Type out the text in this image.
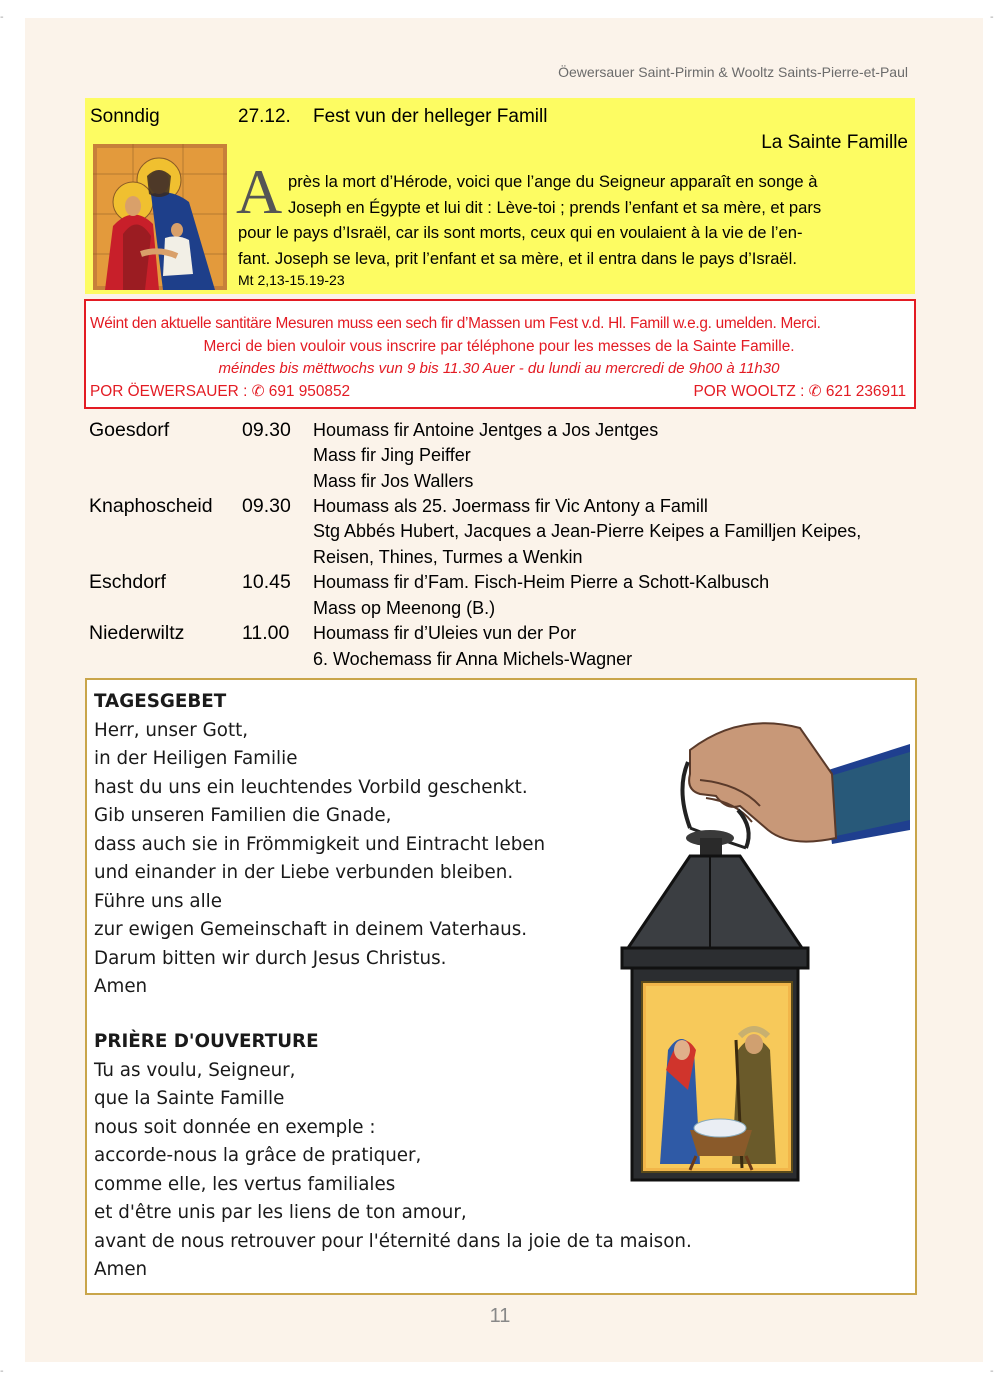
-	-
-	-
Öewersauer Saint-Pirmin & Wooltz Saints-Pierre-et-Paul
Sonndig	27.12. Fest vun der helleger Famill
La Sainte Famille
A près la mort d’Hérode, voici que l’ange du Seigneur apparaît en songe à
Joseph en Égypte et lui dit : Lève-toi ; prends l’enfant et sa mère, et pars
pour le pays d’Israël, car ils sont morts, ceux qui en voulaient à la vie de l’en-
fant. Joseph se leva, prit l’enfant et sa mère, et il entra dans le pays d’Israël.
Mt 2,13-15.19-23
Wéint den aktuelle santitäre Mesuren muss een sech fir d’Massen um Fest v.d. Hl. Famill w.e.g. umelden. Merci.
Merci de bien vouloir vous inscrire par téléphone pour les messes de la Sainte Famille.
méindes bis mëttwochs vun 9 bis 11.30 Auer - du lundi au mercredi de 9h00 à 11h30
POR ÖEWERSAUER : ✆ 691 950852	POR WOOLTZ : ✆ 621 236911
Goesdorf	09.30 Houmass fir Antoine Jentges a Jos Jentges
Mass fir Jing Peiffer
Mass fir Jos Wallers
Knaphoscheid 09.30 Houmass als 25. Joermass fir Vic Antony a Famill
Stg Abbés Hubert, Jacques a Jean-Pierre Keipes a Familljen Keipes,
Reisen, Thines, Turmes a Wenkin
Eschdorf	10.45 Houmass fir d’Fam. Fisch-Heim Pierre a Schott-Kalbusch
Mass op Meenong (B.)
Niederwiltz	11.00 Houmass fir d’Uleies vun der Por
6. Wochemass fir Anna Michels-Wagner
TAGESGEBET
Herr, unser Gott,
in der Heiligen Familie
hast du uns ein leuchtendes Vorbild geschenkt.
Gib unseren Familien die Gnade,
dass auch sie in Frömmigkeit und Eintracht leben
und einander in der Liebe verbunden bleiben.
Führe uns alle
zur ewigen Gemeinschaft in deinem Vaterhaus.
Darum bitten wir durch Jesus Christus.
Amen
PRIÈRE D'OUVERTURE
Tu as voulu, Seigneur,
que la Sainte Famille
nous soit donnée en exemple :
accorde-nous la grâce de pratiquer,
comme elle, les vertus familiales
et d'être unis par les liens de ton amour,
avant de nous retrouver pour l'éternité dans la joie de ta maison.
Amen
11
